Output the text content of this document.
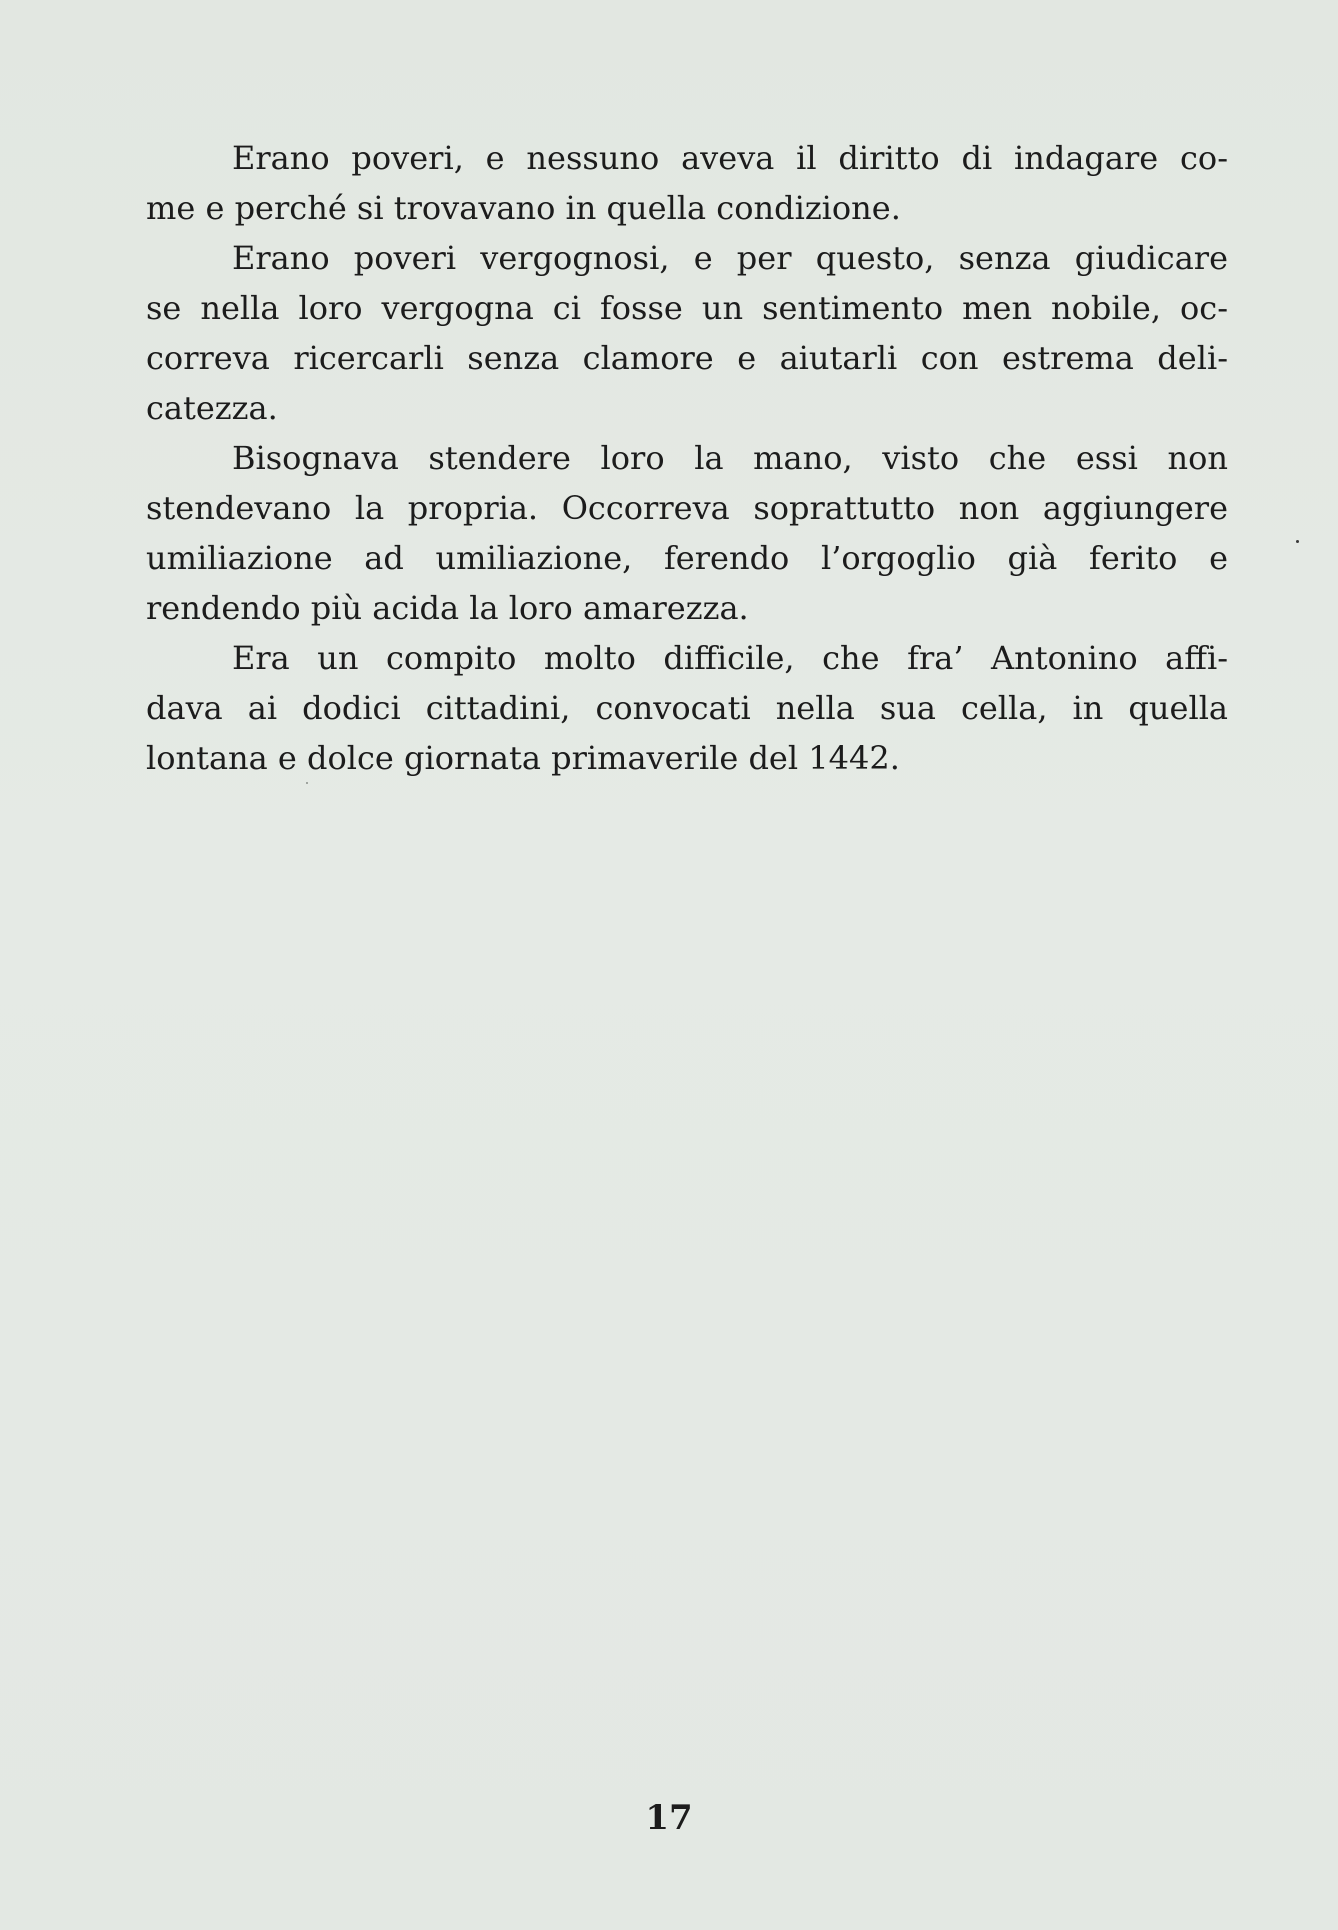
Erano poveri, e nessuno aveva il diritto di indagare co-
me e perché si trovavano in quella condizione.
Erano poveri vergognosi, e per questo, senza giudicare
se nella loro vergogna ci fosse un sentimento men nobile, oc-
correva ricercarli senza clamore e aiutarli con estrema deli-
catezza.
Bisognava stendere loro la mano, visto che essi non
stendevano la propria. Occorreva soprattutto non aggiungere
umiliazione ad umiliazione, ferendo l’orgoglio già ferito e
rendendo più acida la loro amarezza.
Era un compito molto difficile, che fra’ Antonino affi-
dava ai dodici cittadini, convocati nella sua cella, in quella
lontana e dolce giornata primaverile del 1442.
17
